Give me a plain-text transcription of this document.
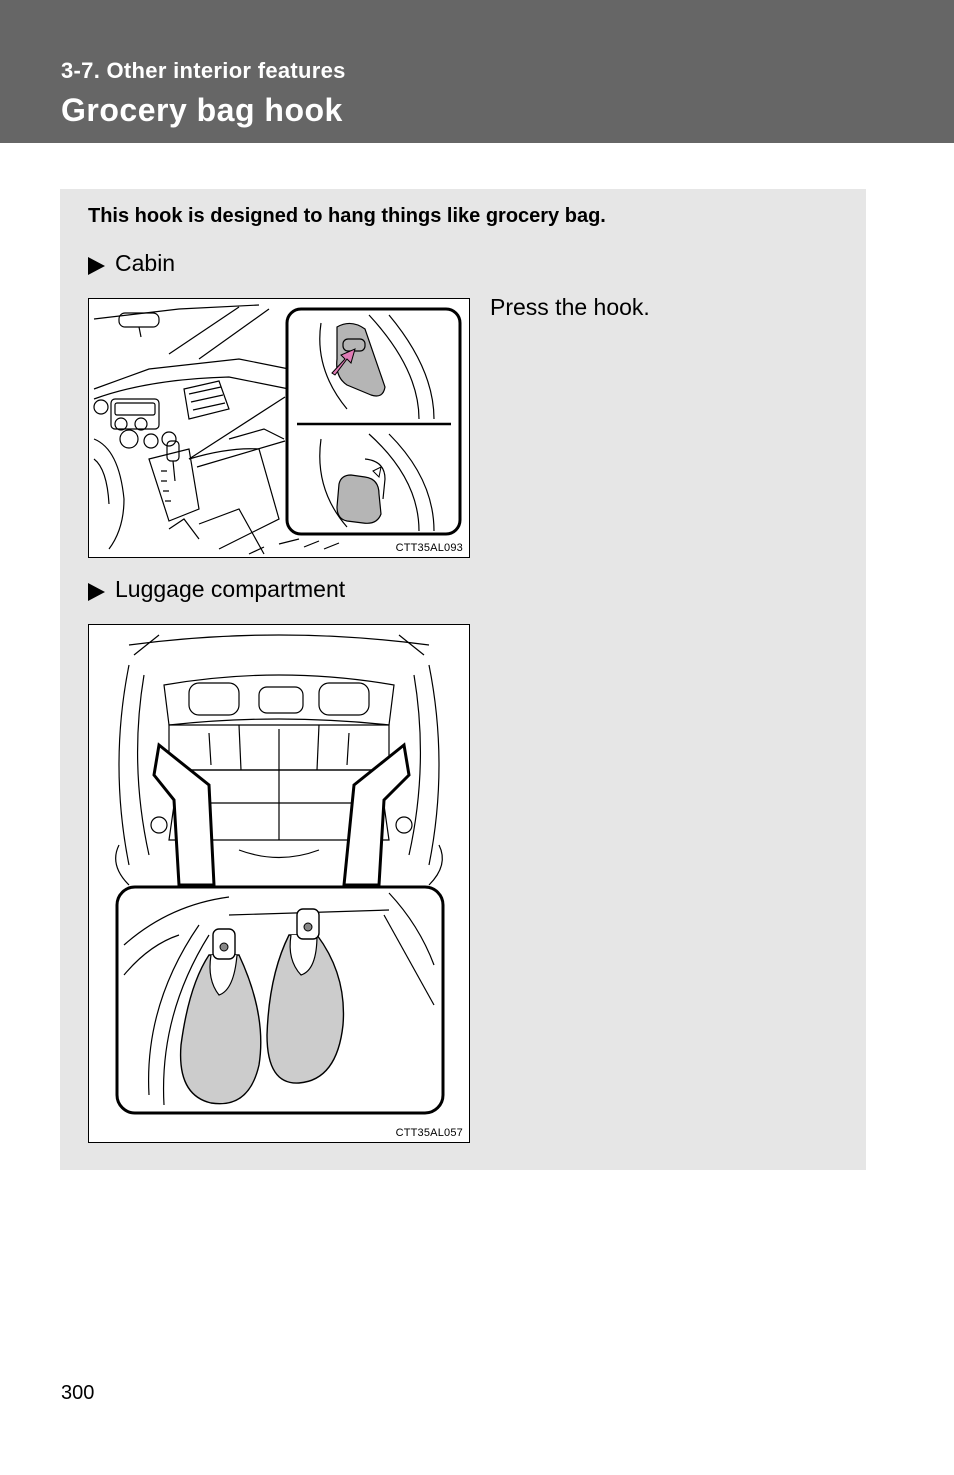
3-7. Other interior features
Grocery bag hook
This hook is designed to hang things like grocery bag.
Cabin
CTT35AL093
Press the hook.
Luggage compartment
CTT35AL057
300
